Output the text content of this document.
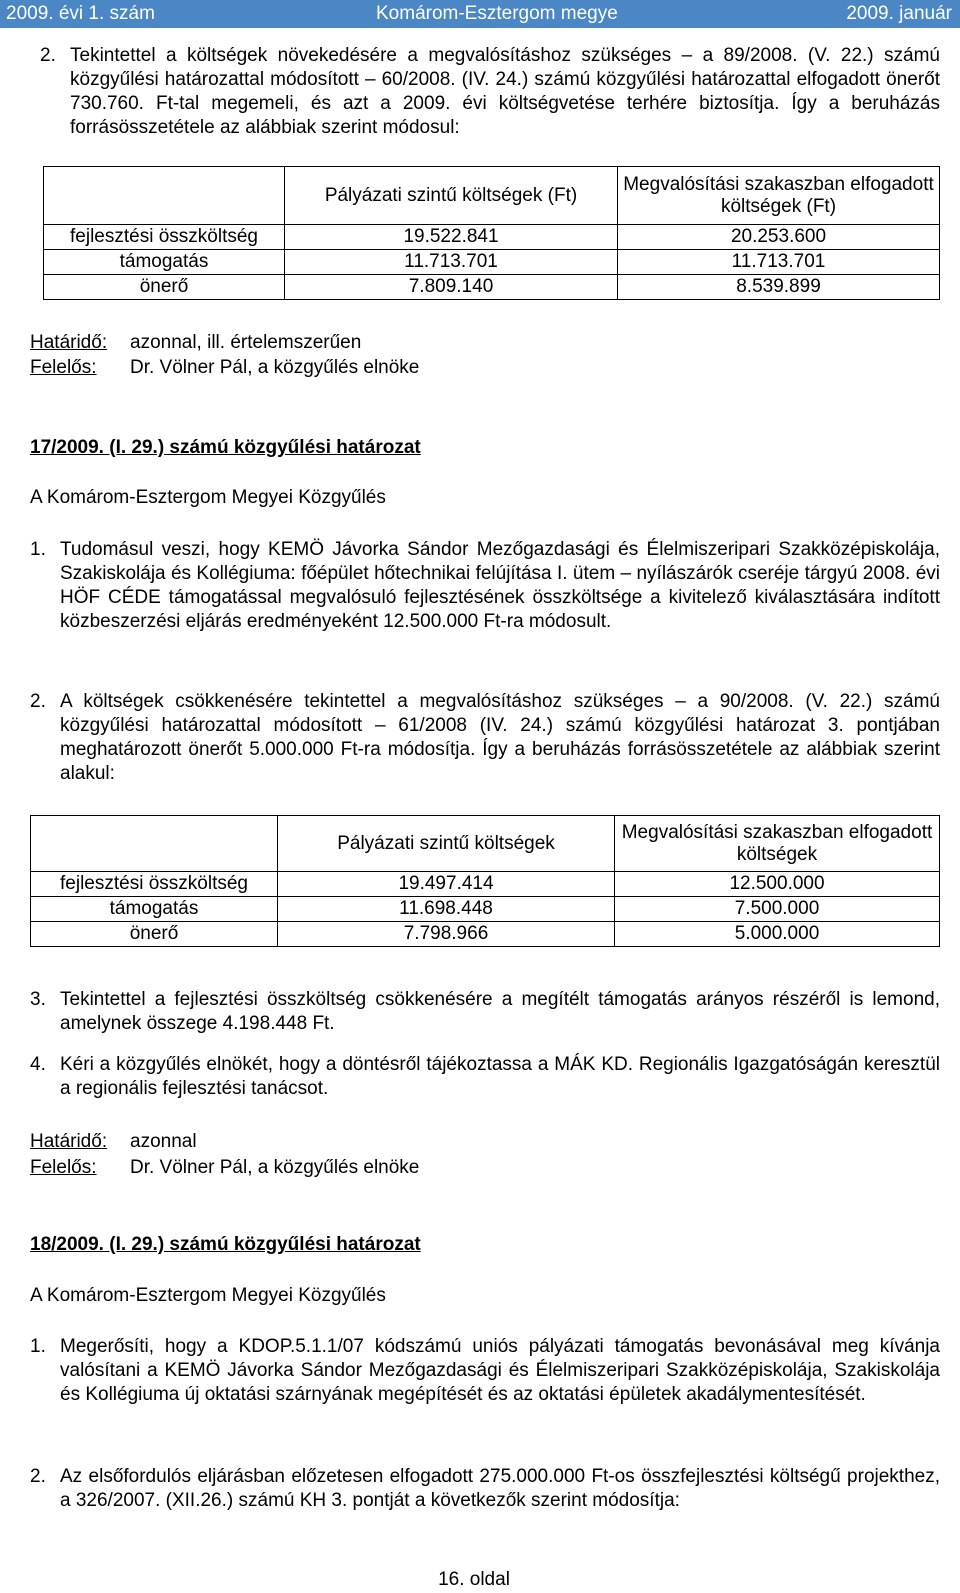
2009. évi 1. szám	Komárom-Esztergom megye	2009. január
2. Tekintettel a költségek növekedésére a megvalósításhoz szükséges – a 89/2008. (V. 22.) számú közgyűlési határozattal módosított – 60/2008. (IV. 24.) számú közgyűlési határozattal elfogadott önerőt 730.760. Ft-tal megemeli, és azt a 2009. évi költségvetése terhére biztosítja. Így a beruházás forrásösszetétele az alábbiak szerint módosul:
	Pályázati szintű költségek (Ft)	Megvalósítási szakaszban elfogadott költségek (Ft)
fejlesztési összköltség	19.522.841	20.253.600
támogatás	11.713.701	11.713.701
önerő	7.809.140	8.539.899
Határidő: azonnal, ill. értelemszerűen
Felelős: Dr. Völner Pál, a közgyűlés elnöke
17/2009. (I. 29.) számú közgyűlési határozat
A Komárom-Esztergom Megyei Közgyűlés
1. Tudomásul veszi, hogy KEMÖ Jávorka Sándor Mezőgazdasági és Élelmiszeripari Szakközépiskolája, Szakiskolája és Kollégiuma: főépület hőtechnikai felújítása I. ütem – nyílászárók cseréje tárgyú 2008. évi HÖF CÉDE támogatással megvalósuló fejlesztésének összköltsége a kivitelező kiválasztására indított közbeszerzési eljárás eredményeként 12.500.000 Ft-ra módosult.
2. A költségek csökkenésére tekintettel a megvalósításhoz szükséges – a 90/2008. (V. 22.) számú közgyűlési határozattal módosított – 61/2008 (IV. 24.) számú közgyűlési határozat 3. pontjában meghatározott önerőt 5.000.000 Ft-ra módosítja. Így a beruházás forrásösszetétele az alábbiak szerint alakul:
	Pályázati szintű költségek	Megvalósítási szakaszban elfogadott költségek
fejlesztési összköltség	19.497.414	12.500.000
támogatás	11.698.448	7.500.000
önerő	7.798.966	5.000.000
3. Tekintettel a fejlesztési összköltség csökkenésére a megítélt támogatás arányos részéről is lemond, amelynek összege 4.198.448 Ft.
4. Kéri a közgyűlés elnökét, hogy a döntésről tájékoztassa a MÁK KD. Regionális Igazgatóságán keresztül a regionális fejlesztési tanácsot.
Határidő: azonnal
Felelős: Dr. Völner Pál, a közgyűlés elnöke
18/2009. (I. 29.) számú közgyűlési határozat
A Komárom-Esztergom Megyei Közgyűlés
1. Megerősíti, hogy a KDOP.5.1.1/07 kódszámú uniós pályázati támogatás bevonásával meg kívánja valósítani a KEMÖ Jávorka Sándor Mezőgazdasági és Élelmiszeripari Szakközépiskolája, Szakiskolája és Kollégiuma új oktatási szárnyának megépítését és az oktatási épületek akadálymentesítését.
2. Az elsőfordulós eljárásban előzetesen elfogadott 275.000.000 Ft-os összfejlesztési költségű projekthez, a 326/2007. (XII.26.) számú KH 3. pontját a következők szerint módosítja:
16. oldal
